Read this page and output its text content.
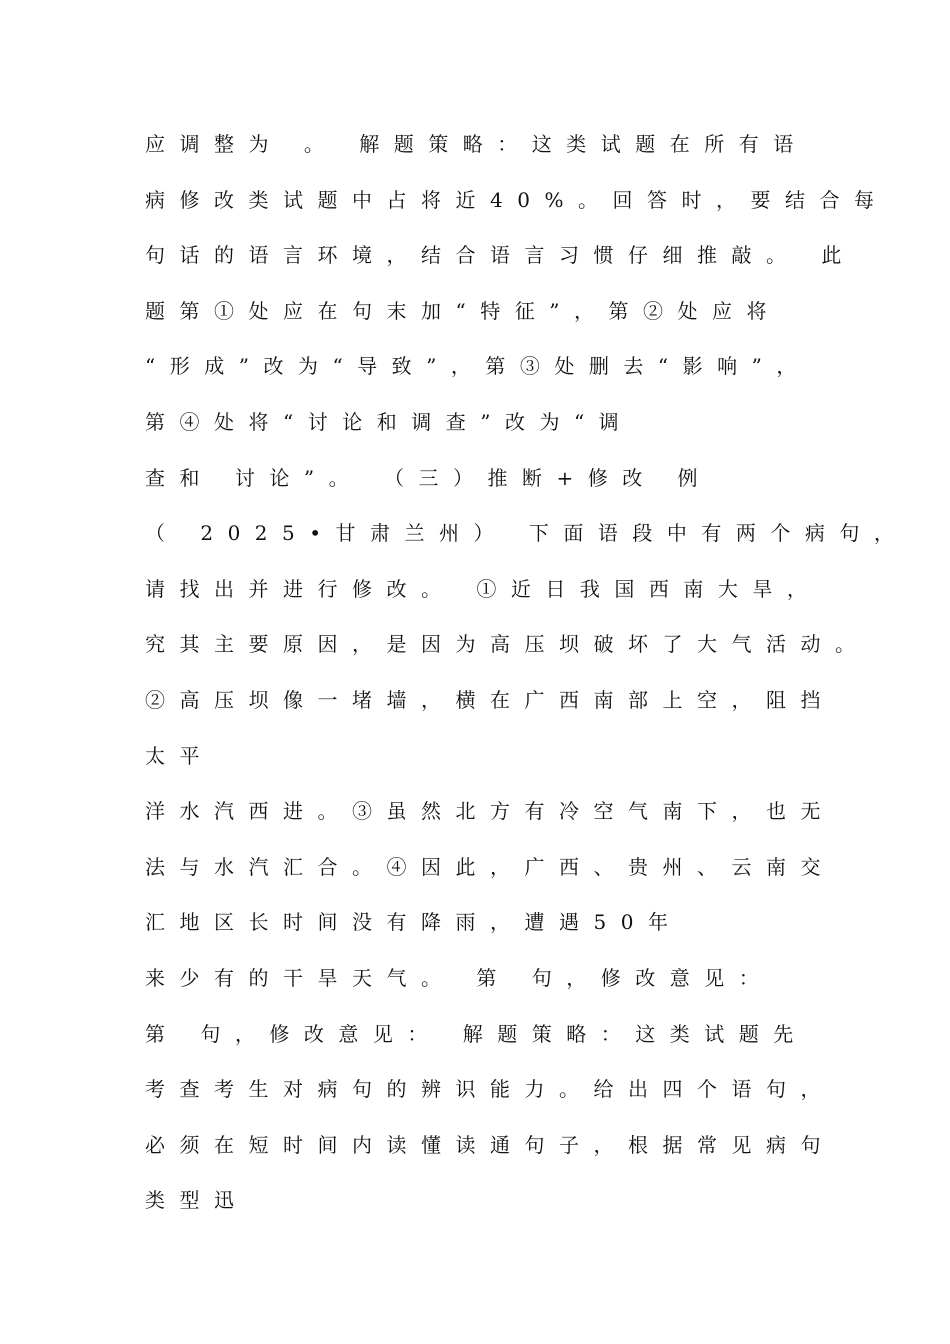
应调整为 。 解题策略：这类试题在所有语
病修改类试题中占将近40%。回答时，要结合每
句话的语言环境，结合语言习惯仔细推敲。 此
题第①处应在句末加“特征”，第②处应将
“形成”改为“导致”，第③处删去“影响”，
第④处将“讨论和调查”改为“调
查和 讨论”。 （三）推断+修改 例
（ 2025•甘肃兰州） 下面语段中有两个病句，
请找出并进行修改。 ①近日我国西南大旱，
究其主要原因，是因为高压坝破坏了大气活动。
②高压坝像一堵墙，横在广西南部上空，阻挡
太平
洋水汽西进。③虽然北方有冷空气南下，也无
法与水汽汇合。④因此，广西、贵州、云南交
汇地区长时间没有降雨，遭遇50年
来少有的干旱天气。 第 句，修改意见：
第 句，修改意见： 解题策略：这类试题先
考查考生对病句的辨识能力。给出四个语句，
必须在短时间内读懂读通句子，根据常见病句
类型迅
